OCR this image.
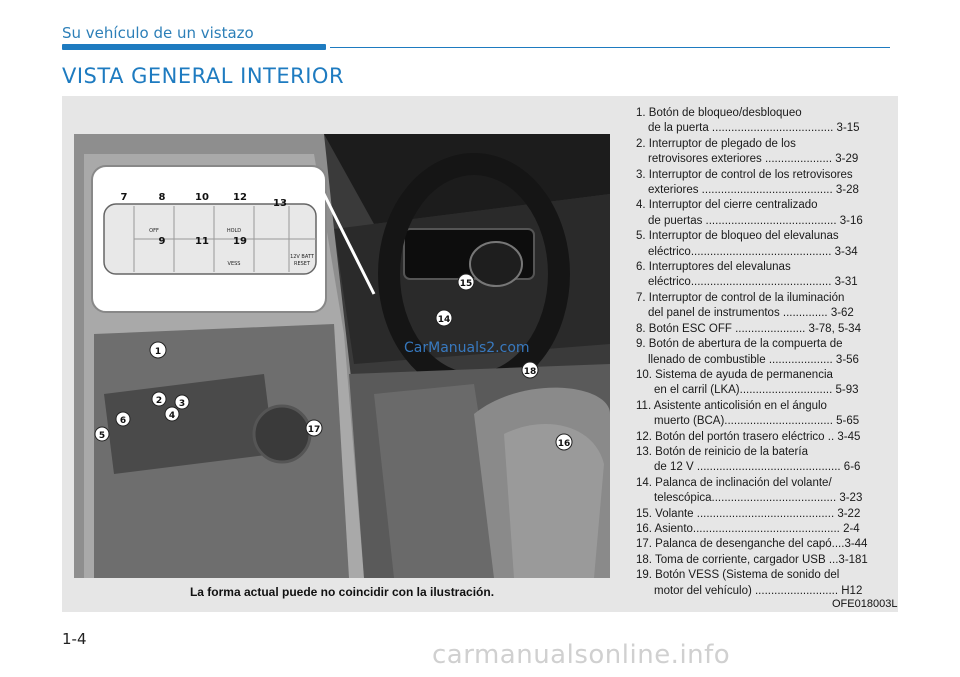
Su vehículo de un vistazo
VISTA GENERAL INTERIOR
OFF	HOLD
VESS
12V BATT
RESET
7	8	10 12
13
9	11 19
1
2 3
4
5
6
14
15
16
17
18
CarManuals2.com
La forma actual puede no coincidir con la ilustración.
OFE018003L
1. Botón de bloqueo/desbloqueo
de la puerta ...................................... 3-15
2. Interruptor de plegado de los
retrovisores exteriores ..................... 3-29
3. Interruptor de control de los retrovisores
exteriores ......................................... 3-28
4. Interruptor del cierre centralizado
de puertas ......................................... 3-16
5. Interruptor de bloqueo del elevalunas
eléctrico............................................ 3-34
6. Interruptores del elevalunas
eléctrico............................................ 3-31
7. Interruptor de control de la iluminación
del panel de instrumentos .............. 3-62
8. Botón ESC OFF ...................... 3-78, 5-34
9. Botón de abertura de la compuerta de
llenado de combustible .................... 3-56
10. Sistema de ayuda de permanencia
en el carril (LKA)............................. 5-93
11. Asistente anticolisión en el ángulo
muerto (BCA).................................. 5-65
12. Botón del portón trasero eléctrico .. 3-45
13. Botón de reinicio de la batería
de 12 V ............................................. 6-6
14. Palanca de inclinación del volante/
telescópica....................................... 3-23
15. Volante ........................................... 3-22
16. Asiento.............................................. 2-4
17. Palanca de desenganche del capó....3-44
18. Toma de corriente, cargador USB ...3-181
19. Botón VESS (Sistema de sonido del
motor del vehículo) .......................... H12
1-4
carmanualsonline.info
